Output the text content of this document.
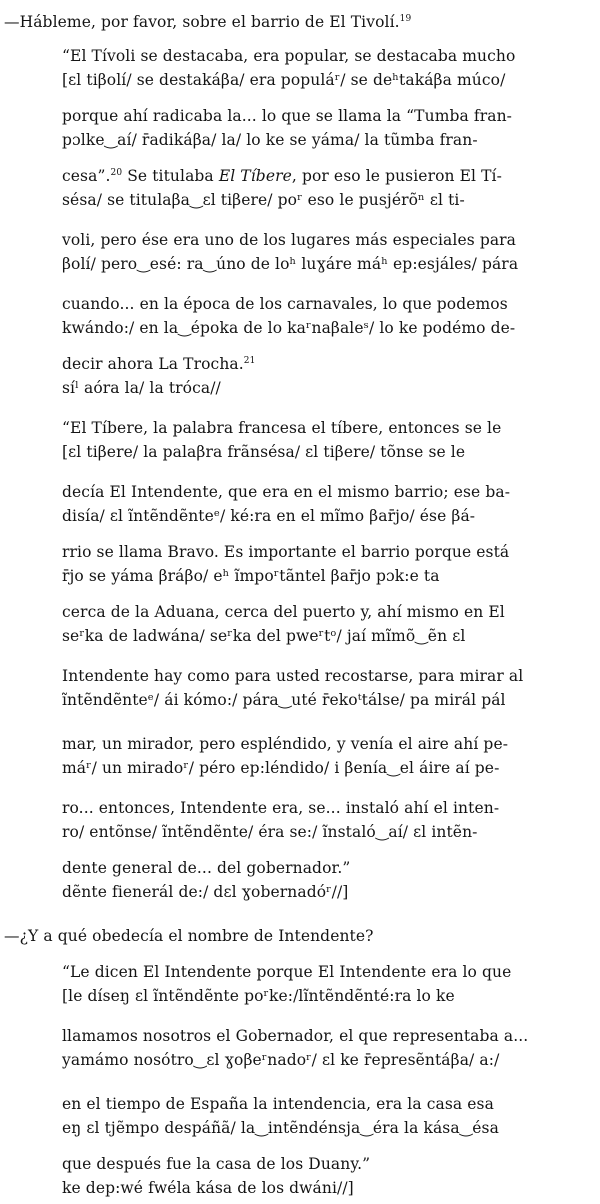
—Hábleme, por favor, sobre el barrio de El Tivolí.$^{19}$
“El Tívoli se destacaba, era popular, se destacaba mucho
[ɛl tiβolí/ se destakáβa/ era populáʳ/ se deʰtakáβa múco/
porque ahí radicaba la... lo que se llama la “Tumba fran-
pɔlke‿aí/ r̄adikáβa/ la/ lo ke se yáma/ la tũmba fran-
cesa”.$^{20}$ Se titulaba El Tíbere, por eso le pusieron El Tí-
sésa/ se titulaβa‿ɛl tiβere/ poʳ eso le pusjérõⁿ ɛl ti-
voli, pero ése era uno de los lugares más especiales para
βolí/ pero‿esé: ra‿úno de loʰ luɣáre máʰ ep:esjáles/ pára
cuando... en la época de los carnavales, lo que podemos
kwándo:/ en la‿épοka de lo kaʳnaβaleˢ/ lo ke podémo de-
decir ahora La Trocha.$^{21}$
síˡ aóra la/ la tróca//
“El Tíbere, la palabra francesa el tíbere, entonces se le
[ɛl tiβere/ la palaβra frãnsésa/ ɛl tiβere/ tõnse se le
decía El Intendente, que era en el mismo barrio; ese ba-
disía/ ɛl ĩntẽndẽnteᵉ/ ké:ra en el mĩmo βar̄jo/ ése βá-
rrio se llama Bravo. Es importante el barrio porque está
r̄jo se yáma βráβo/ eʰ ĩmpoʳtãntel βar̄jo pɔk:e ta
cerca de la Aduana, cerca del puerto y, ahí mismo en El
seʳka de ladwána/ seʳka del pweʳtᵒ/ jaí mĩmõ‿ẽn ɛl
Intendente hay como para usted recostarse, para mirar al
ĩntẽndẽnteᵉ/ ái kómo:/ pára‿uté r̄ekoᵗtálse/ pa mirál pál
mar, un mirador, pero espléndido, y venía el aire ahí pe-
máʳ/ un miradoʳ/ péro ep:léndido/ i βenía‿el áire aí pe-
ro... entonces, Intendente era, se... instaló ahí el inten-
ro/ entõnse/ ĩntẽndẽnte/ éra se:/ ĩnstaló‿aí/ ɛl intẽn-
dente general de... del gobernador.”
dẽnte fienerál de:/ dɛl ɣobernadóʳ//]
—¿Y a qué obedecía el nombre de Intendente?
“Le dicen El Intendente porque El Intendente era lo que
[le díseŋ ɛl ĩntẽndẽnte poʳke:/lĩntẽndẽnté:ra lo ke
llamamos nosotros el Gobernador, el que representaba a...
yamámo nosótro‿ɛl ɣoβeʳnadoʳ/ ɛl ke r̄epresẽntáβa/ a:/
en el tiempo de España la intendencia, era la casa esa
eŋ ɛl tjẽmpo despáñã/ la‿intẽndénsja‿éra la kása‿ésa
que después fue la casa de los Duany.”
ke dep:wé fwéla kása de los dwáni//]
